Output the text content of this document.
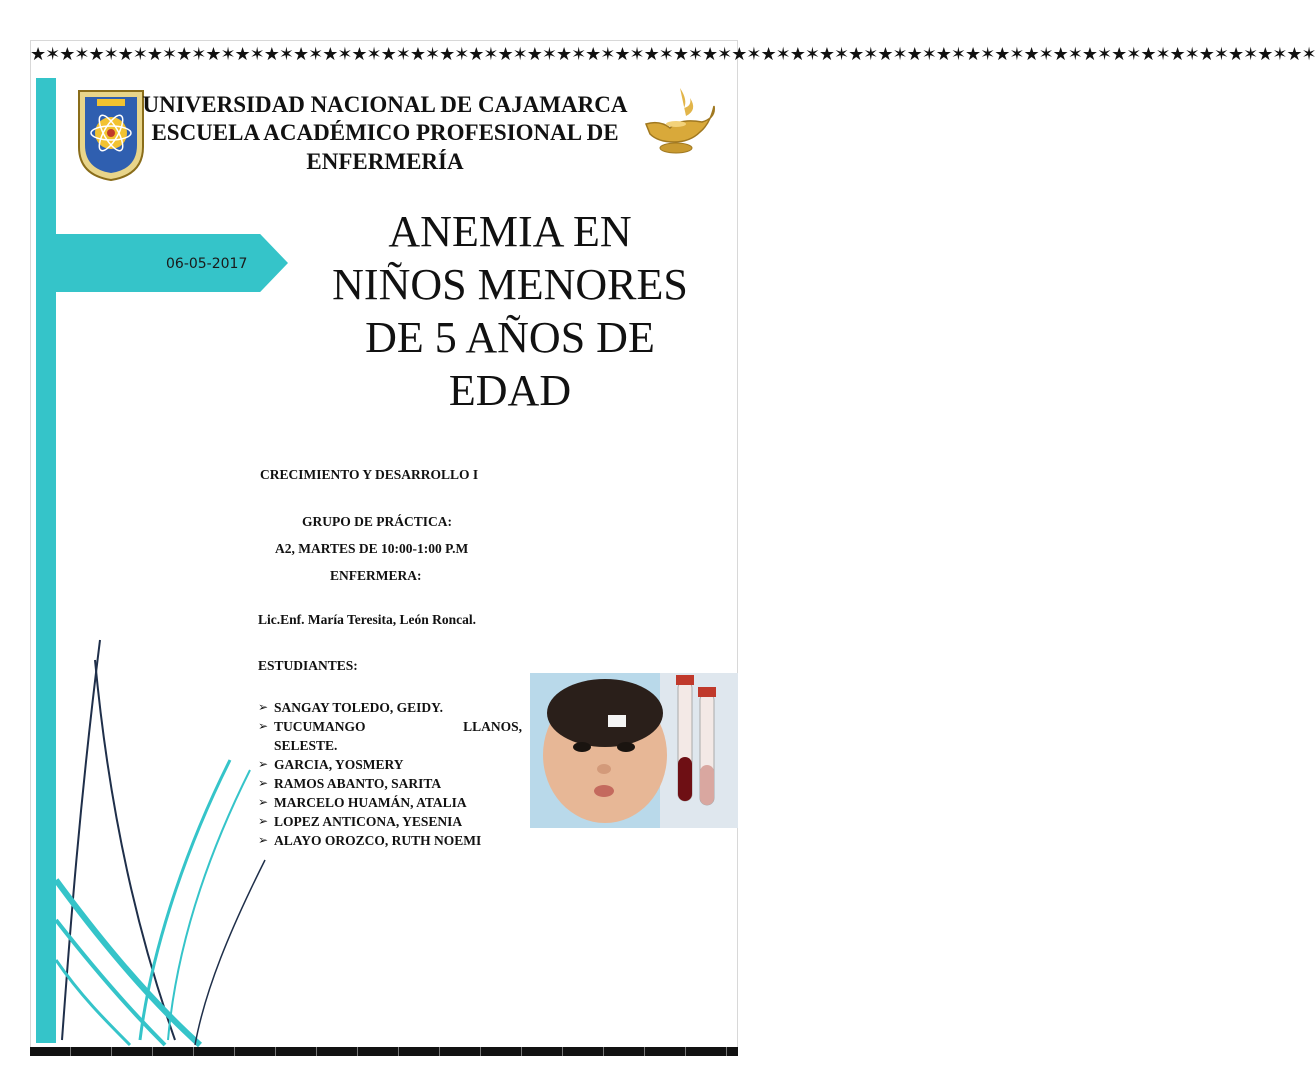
★✶★✶★✶★✶★✶★✶★✶★✶★✶★✶★✶★✶★✶★✶★✶★✶★✶★✶★✶★✶★✶★✶★✶★✶★✶★✶★✶★✶★✶★✶★✶★✶★✶★✶★✶★✶★✶★✶★✶★✶★✶★✶★✶★✶
UNIVERSIDAD NACIONAL DE CAJAMARCA
ESCUELA ACADÉMICO PROFESIONAL DE
ENFERMERÍA
06-05-2017
ANEMIA EN
NIÑOS MENORES
DE 5 AÑOS DE
EDAD
CRECIMIENTO Y DESARROLLO I
GRUPO DE PRÁCTICA:
A2, MARTES DE 10:00-1:00 P.M
ENFERMERA:
Lic.Enf. María Teresita, León Roncal.
ESTUDIANTES:
➢ SANGAY TOLEDO, GEIDY.
➢ TUCUMANGO	LLANOS,
SELESTE.
➢ GARCIA, YOSMERY
➢ RAMOS ABANTO, SARITA
➢ MARCELO HUAMÁN, ATALIA
➢ LOPEZ ANTICONA, YESENIA
➢ ALAYO OROZCO, RUTH NOEMI
